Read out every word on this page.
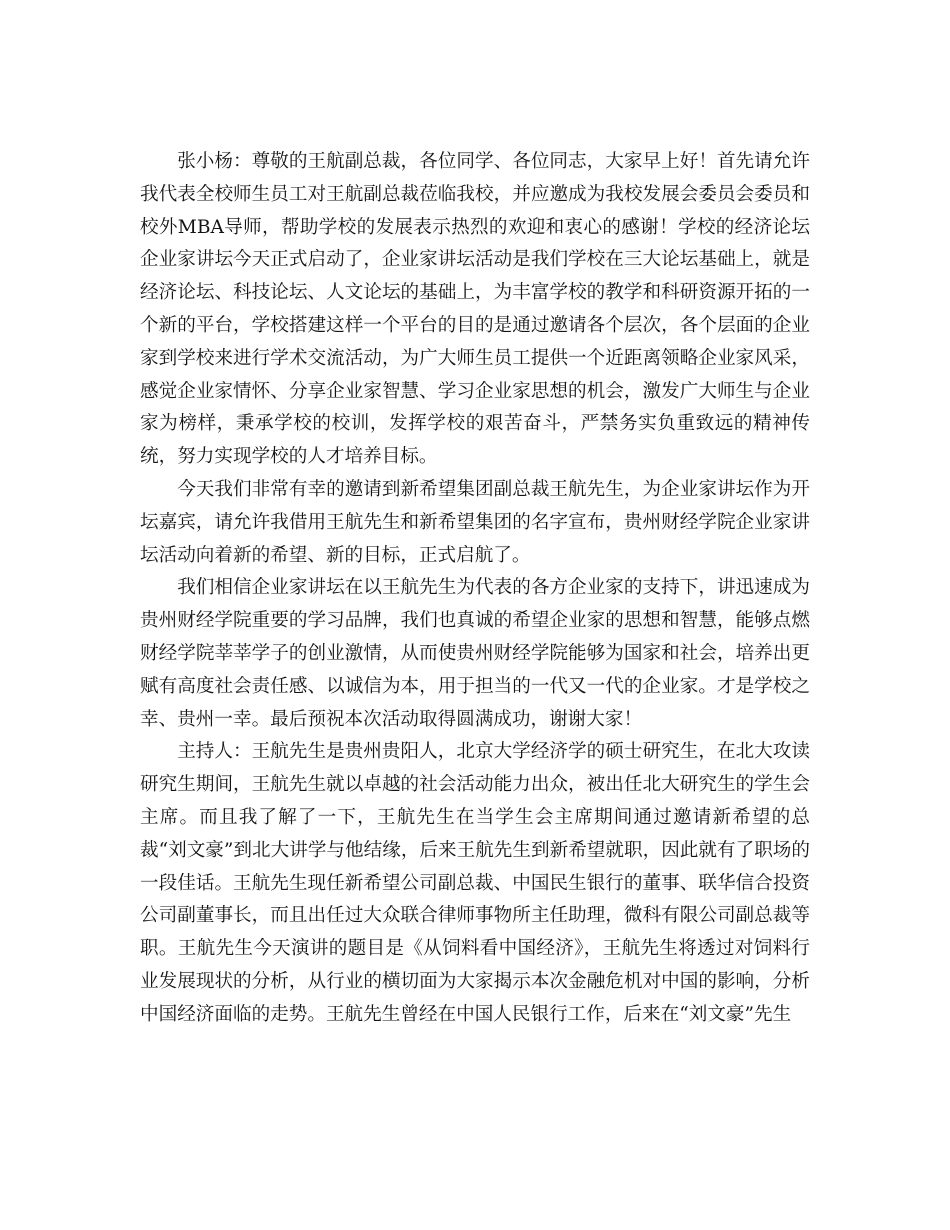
张小杨：尊敬的王航副总裁，各位同学、各位同志，大家早上好！首先请允许我代表全校师生员工对王航副总裁莅临我校，并应邀成为我校发展会委员会委员和校外MBA导师，帮助学校的发展表示热烈的欢迎和衷心的感谢！学校的经济论坛企业家讲坛今天正式启动了，企业家讲坛活动是我们学校在三大论坛基础上，就是经济论坛、科技论坛、人文论坛的基础上，为丰富学校的教学和科研资源开拓的一个新的平台，学校搭建这样一个平台的目的是通过邀请各个层次，各个层面的企业家到学校来进行学术交流活动，为广大师生员工提供一个近距离领略企业家风采，感觉企业家情怀、分享企业家智慧、学习企业家思想的机会，激发广大师生与企业家为榜样，秉承学校的校训，发挥学校的艰苦奋斗，严禁务实负重致远的精神传统，努力实现学校的人才培养目标。

今天我们非常有幸的邀请到新希望集团副总裁王航先生，为企业家讲坛作为开坛嘉宾，请允许我借用王航先生和新希望集团的名字宣布，贵州财经学院企业家讲坛活动向着新的希望、新的目标，正式启航了。

我们相信企业家讲坛在以王航先生为代表的各方企业家的支持下，讲迅速成为贵州财经学院重要的学习品牌，我们也真诚的希望企业家的思想和智慧，能够点燃财经学院莘莘学子的创业激情，从而使贵州财经学院能够为国家和社会，培养出更赋有高度社会责任感、以诚信为本，用于担当的一代又一代的企业家。才是学校之幸、贵州一幸。最后预祝本次活动取得圆满成功，谢谢大家！

主持人：王航先生是贵州贵阳人，北京大学经济学的硕士研究生，在北大攻读研究生期间，王航先生就以卓越的社会活动能力出众，被出任北大研究生的学生会主席。而且我了解了一下，王航先生在当学生会主席期间通过邀请新希望的总裁“刘文豪”到北大讲学与他结缘，后来王航先生到新希望就职，因此就有了职场的一段佳话。王航先生现任新希望公司副总裁、中国民生银行的董事、联华信合投资公司副董事长，而且出任过大众联合律师事物所主任助理，微科有限公司副总裁等职。王航先生今天演讲的题目是《从饲料看中国经济》，王航先生将透过对饲料行业发展现状的分析，从行业的横切面为大家揭示本次金融危机对中国的影响，分析中国经济面临的走势。王航先生曾经在中国人民银行工作，后来在“刘文豪”先生
